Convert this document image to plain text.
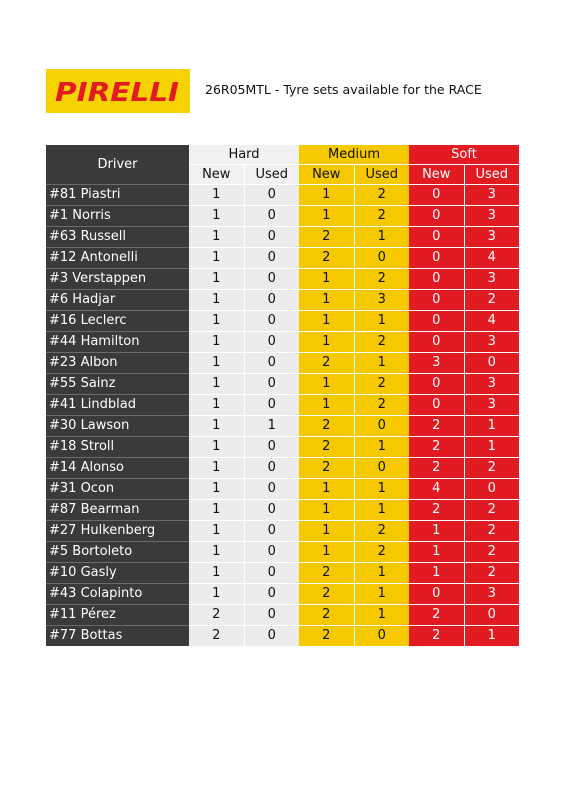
PIRELLI 26R05MTL - Tyre sets available for the RACE
Driver	Hard		Medium		Soft	
	New	Used	New	Used	New	Used
#81 Piastri	1	0	1	2	0	3
#1 Norris	1	0	1	2	0	3
#63 Russell	1	0	2	1	0	3
#12 Antonelli	1	0	2	0	0	4
#3 Verstappen	1	0	1	2	0	3
#6 Hadjar	1	0	1	3	0	2
#16 Leclerc	1	0	1	1	0	4
#44 Hamilton	1	0	1	2	0	3
#23 Albon	1	0	2	1	3	0
#55 Sainz	1	0	1	2	0	3
#41 Lindblad	1	0	1	2	0	3
#30 Lawson	1	1	2	0	2	1
#18 Stroll	1	0	2	1	2	1
#14 Alonso	1	0	2	0	2	2
#31 Ocon	1	0	1	1	4	0
#87 Bearman	1	0	1	1	2	2
#27 Hulkenberg	1	0	1	2	1	2
#5 Bortoleto	1	0	1	2	1	2
#10 Gasly	1	0	2	1	1	2
#43 Colapinto	1	0	2	1	0	3
#11 Pérez	2	0	2	1	2	0
#77 Bottas	2	0	2	0	2	1
